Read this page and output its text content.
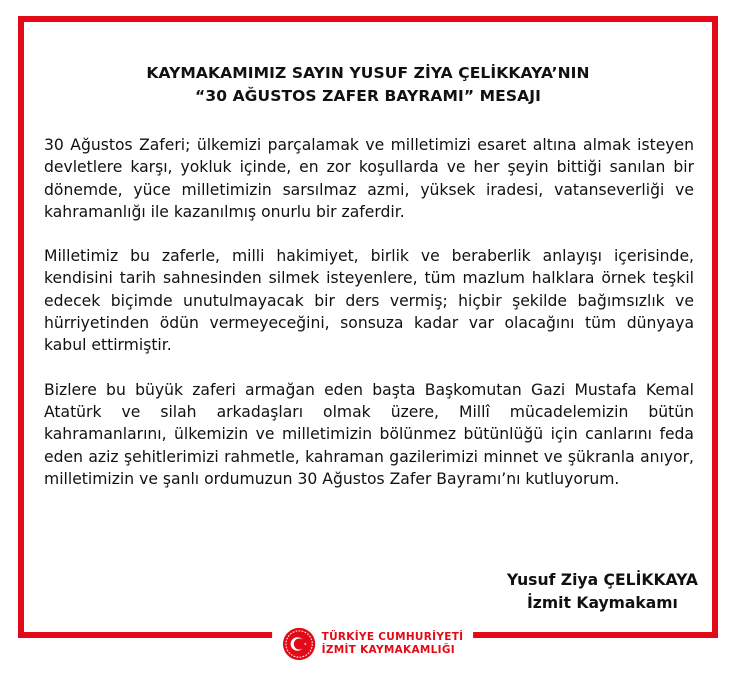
KAYMAKAMIMIZ SAYIN YUSUF ZİYA ÇELİKKAYA’NIN
“30 AĞUSTOS ZAFER BAYRAMI” MESAJI

30 Ağustos Zaferi; ülkemizi parçalamak ve milletimizi esaret altına almak isteyen devletlere karşı, yokluk içinde, en zor koşullarda ve her şeyin bittiği sanılan bir dönemde, yüce milletimizin sarsılmaz azmi, yüksek iradesi, vatanseverliği ve kahramanlığı ile kazanılmış onurlu bir zaferdir.

Milletimiz bu zaferle, milli hakimiyet, birlik ve beraberlik anlayışı içerisinde, kendisini tarih sahnesinden silmek isteyenlere, tüm mazlum halklara örnek teşkil edecek biçimde unutulmayacak bir ders vermiş; hiçbir şekilde bağımsızlık ve hürriyetinden ödün vermeyeceğini, sonsuza kadar var olacağını tüm dünyaya kabul ettirmiştir.

Bizlere bu büyük zaferi armağan eden başta Başkomutan Gazi Mustafa Kemal Atatürk ve silah arkadaşları olmak üzere, Millî mücadelemizin bütün kahramanlarını, ülkemizin ve milletimizin bölünmez bütünlüğü için canlarını feda eden aziz şehitlerimizi rahmetle, kahraman gazilerimizi minnet ve şükranla anıyor, milletimizin ve şanlı ordumuzun 30 Ağustos Zafer Bayramı’nı kutluyorum.

Yusuf Ziya ÇELİKKAYA
İzmit Kaymakamı
TÜRKİYE CUMHURİYETİ
İZMİT KAYMAKAMLIĞI
